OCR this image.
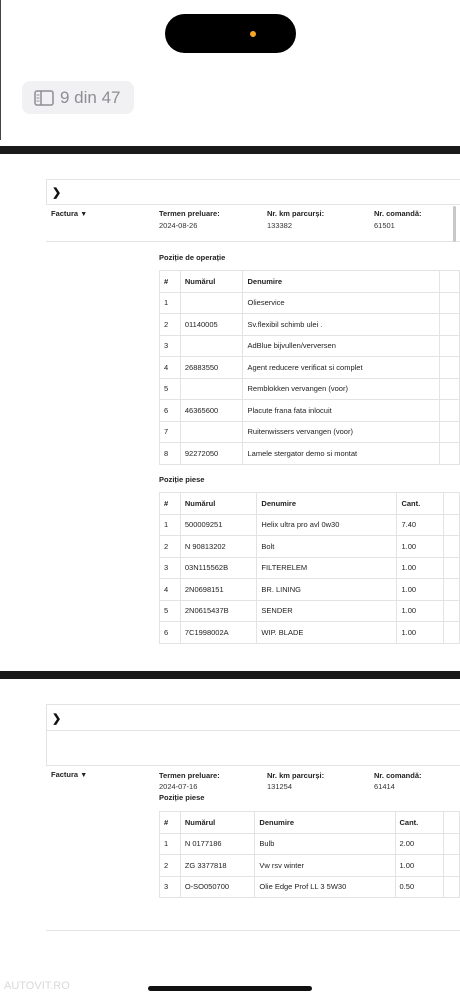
9 din 47
❯
Factura ▼	Termen preluare:
2024-08-26
Nr. km parcurși:
133382
Nr. comandă:
61501
Poziție de operație
#	Numărul	Denumire	
1		Olieservice	
2	01140005	Sv.flexibil schimb ulei .	
3		AdBlue bijvullen/verversen	
4	26883550	Agent reducere verificat si complet	
5		Remblokken vervangen (voor)	
6	46365600	Placute frana fata inlocuit	
7		Ruitenwissers vervangen (voor)	
8	92272050	Lamele stergator demo si montat	
Poziție piese
#	Numărul	Denumire	Cant.	
1	500009251	Helix ultra pro avl 0w30	7.40	
2	N 90813202	Bolt	1.00	
3	03N115562B	FILTERELEM	1.00	
4	2N0698151	BR. LINING	1.00	
5	2N0615437B	SENDER	1.00	
6	7C1998002A	WIP. BLADE	1.00	
❯
Factura ▼	Termen preluare:
2024-07-16
Nr. km parcurși:
131254
Nr. comandă:
61414
Poziție piese
#	Numărul	Denumire	Cant.	
1	N 0177186	Bulb	2.00	
2	ZG 3377818	Vw rsv winter	1.00	
3	O-SO050700	Olie Edge Prof LL 3 5W30	0.50	
AUTOVIT.RO
